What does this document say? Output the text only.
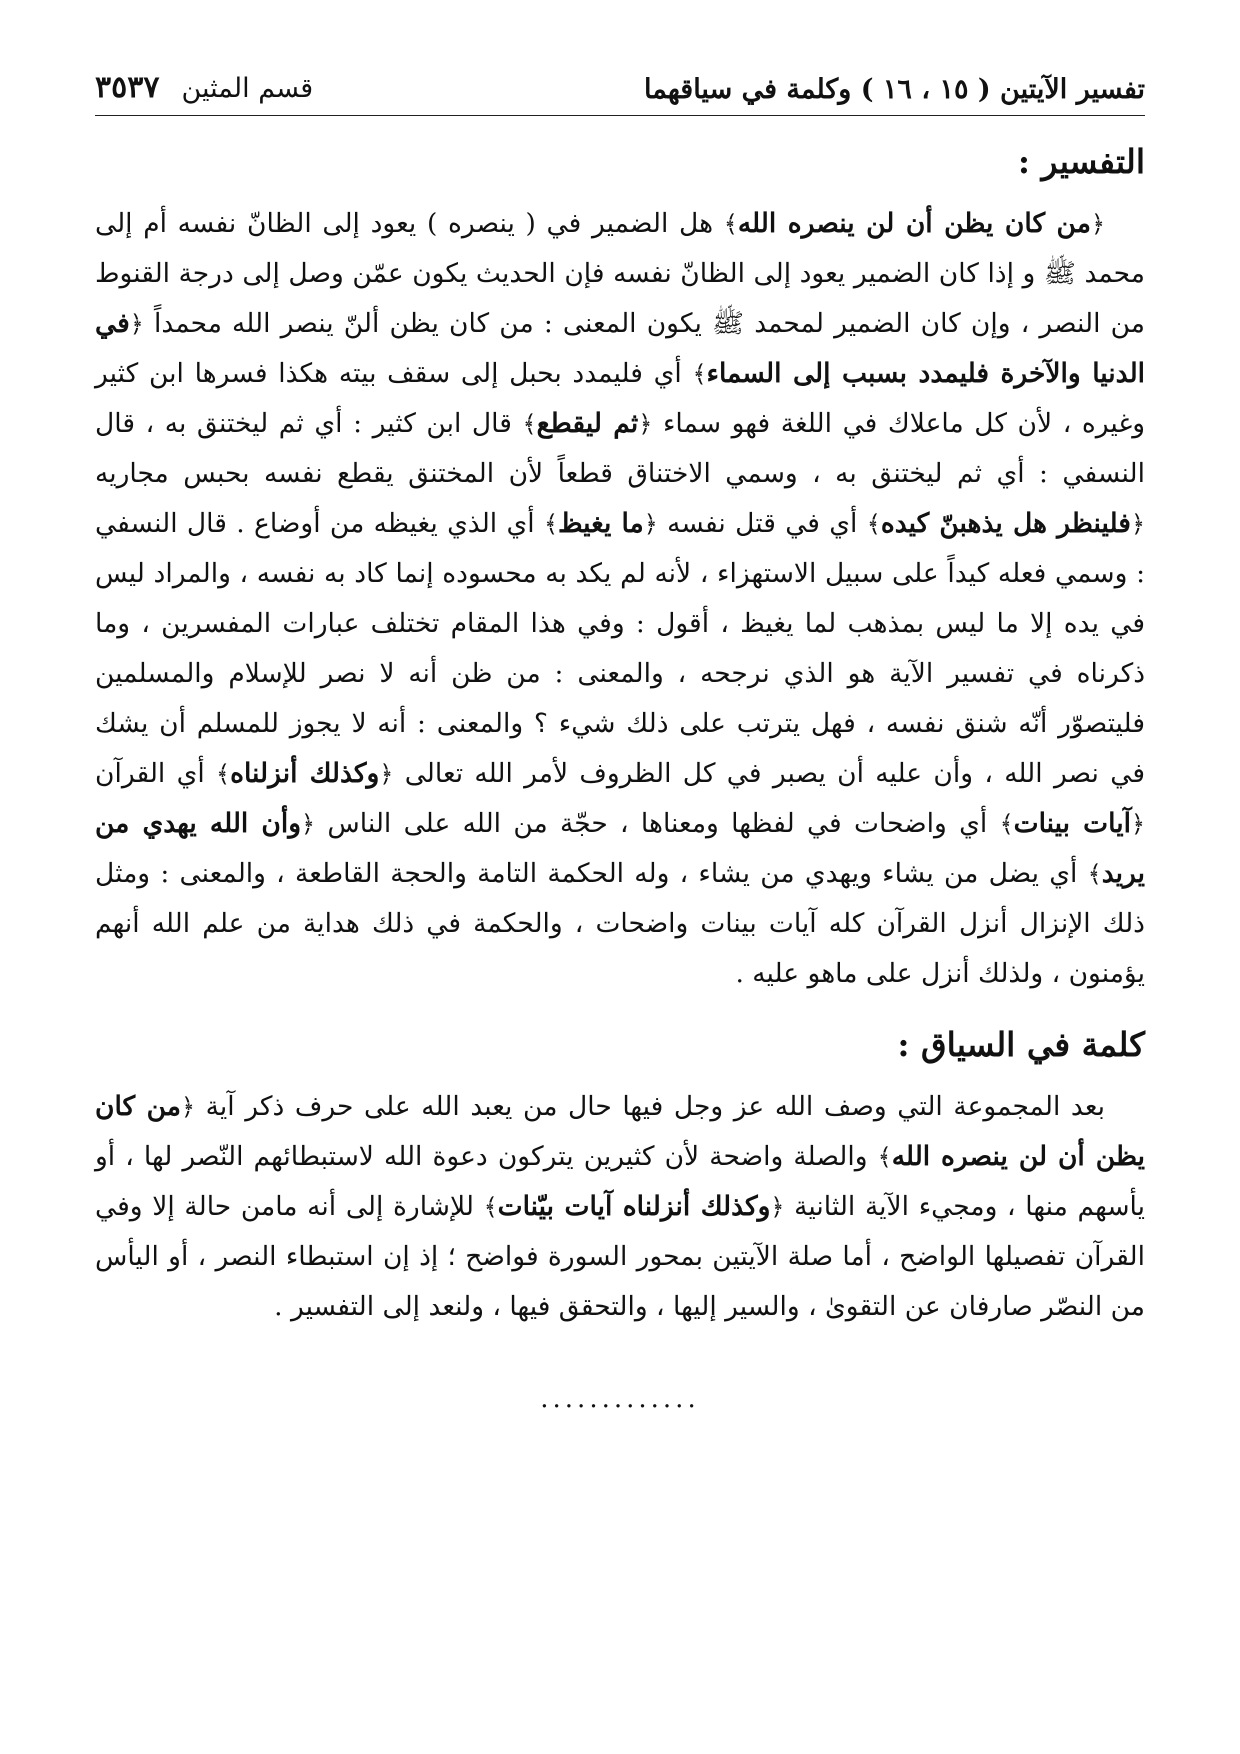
تفسير الآيتين ( ١٥ ، ١٦ ) وكلمة في سياقهما
قسم المثين
٣٥٣٧
التفسير :

﴿من كان يظن أن لن ينصره الله﴾ هل الضمير في ( ينصره ) يعود إلى الظانّ نفسه أم إلى محمد ﷺ و إذا كان الضمير يعود إلى الظانّ نفسه فإن الحديث يكون عمّن وصل إلى درجة القنوط من النصر ، وإن كان الضمير لمحمد ﷺ يكون المعنى : من كان يظن ألنّ ينصر الله محمداً ﴿في الدنيا والآخرة فليمدد بسبب إلى السماء﴾ أي فليمدد بحبل إلى سقف بيته هكذا فسرها ابن كثير وغيره ، لأن كل ماعلاك في اللغة فهو سماء ﴿ثم ليقطع﴾ قال ابن كثير : أي ثم ليختنق به ، قال النسفي : أي ثم ليختنق به ، وسمي الاختناق قطعاً لأن المختنق يقطع نفسه بحبس مجاريه ﴿فلينظر هل يذهبنّ كيده﴾ أي في قتل نفسه ﴿ما يغيظ﴾ أي الذي يغيظه من أوضاع . قال النسفي : وسمي فعله كيداً على سبيل الاستهزاء ، لأنه لم يكد به محسوده إنما كاد به نفسه ، والمراد ليس في يده إلا ما ليس بمذهب لما يغيظ ، أقول : وفي هذا المقام تختلف عبارات المفسرين ، وما ذكرناه في تفسير الآية هو الذي نرجحه ، والمعنى : من ظن أنه لا نصر للإسلام والمسلمين فليتصوّر أنّه شنق نفسه ، فهل يترتب على ذلك شيء ؟ والمعنى : أنه لا يجوز للمسلم أن يشك في نصر الله ، وأن عليه أن يصبر في كل الظروف لأمر الله تعالى ﴿وكذلك أنزلناه﴾ أي القرآن ﴿آيات بينات﴾ أي واضحات في لفظها ومعناها ، حجّة من الله على الناس ﴿وأن الله يهدي من يريد﴾ أي يضل من يشاء ويهدي من يشاء ، وله الحكمة التامة والحجة القاطعة ، والمعنى : ومثل ذلك الإنزال أنزل القرآن كله آيات بينات واضحات ، والحكمة في ذلك هداية من علم الله أنهم يؤمنون ، ولذلك أنزل على ماهو عليه .

كلمة في السياق :

بعد المجموعة التي وصف الله عز وجل فيها حال من يعبد الله على حرف ذكر آية ﴿من كان يظن أن لن ينصره الله﴾ والصلة واضحة لأن كثيرين يتركون دعوة الله لاستبطائهم النّصر لها ، أو يأسهم منها ، ومجيء الآية الثانية ﴿وكذلك أنزلناه آيات بيّنات﴾ للإشارة إلى أنه مامن حالة إلا وفي القرآن تفصيلها الواضح ، أما صلة الآيتين بمحور السورة فواضح ؛ إذ إن استبطاء النصر ، أو اليأس من النصّر صارفان عن التقوىٰ ، والسير إليها ، والتحقق فيها ، ولنعد إلى التفسير .

.............
